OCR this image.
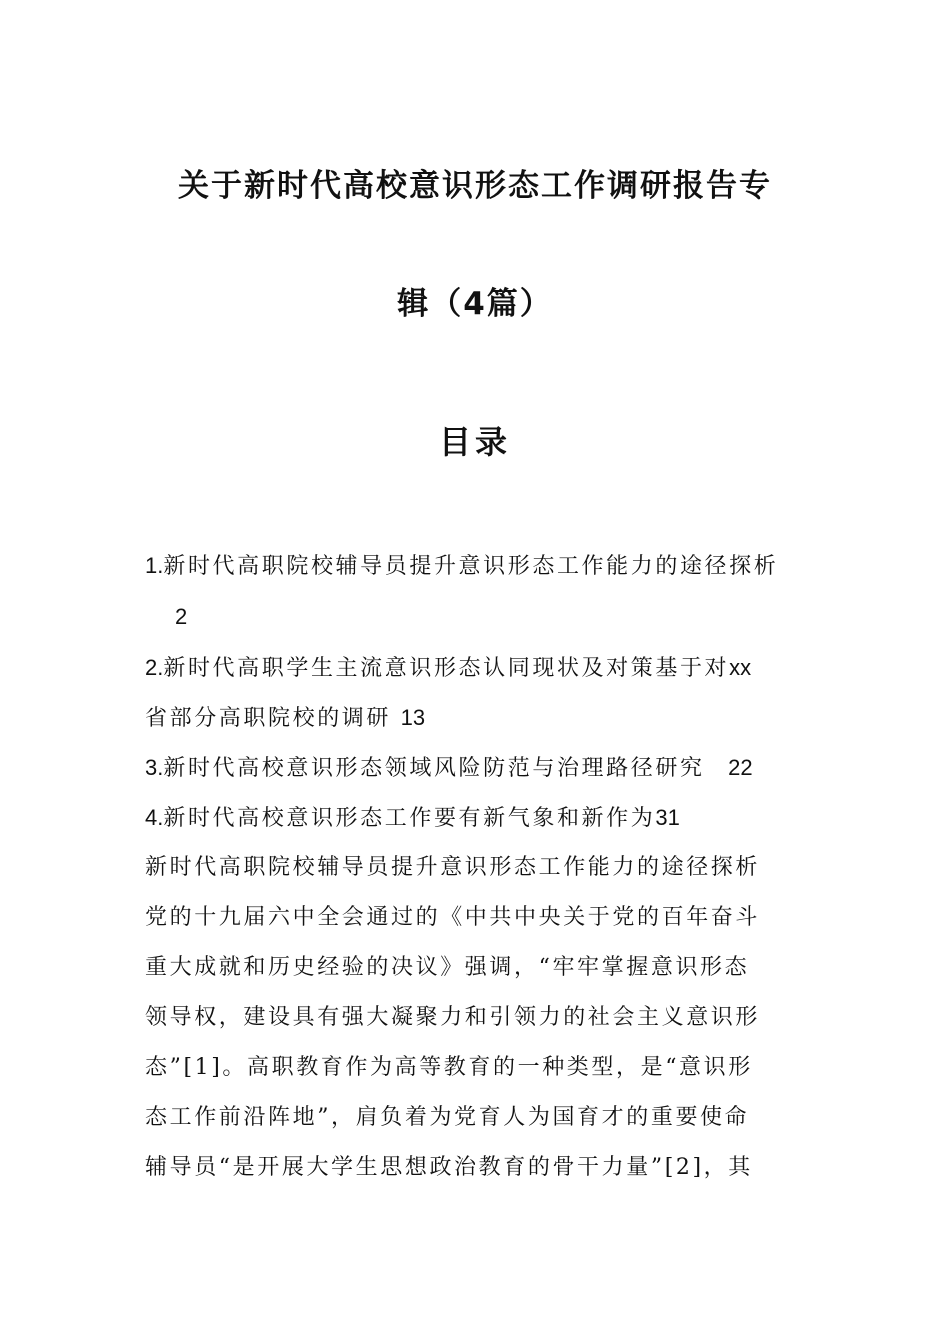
关于新时代高校意识形态工作调研报告专
辑（4篇）
目录
1.新时代高职院校辅导员提升意识形态工作能力的途径探析
2
2.新时代高职学生主流意识形态认同现状及对策基于对xx
省部分高职院校的调研 13
3.新时代高校意识形态领域风险防范与治理路径研究 22
4.新时代高校意识形态工作要有新气象和新作为31
新时代高职院校辅导员提升意识形态工作能力的途径探析
党的十九届六中全会通过的《中共中央关于党的百年奋斗
重大成就和历史经验的决议》强调，“牢牢掌握意识形态
领导权，建设具有强大凝聚力和引领力的社会主义意识形
态”[1]。高职教育作为高等教育的一种类型，是“意识形
态工作前沿阵地”，肩负着为党育人为国育才的重要使命
辅导员“是开展大学生思想政治教育的骨干力量”[2]，其
